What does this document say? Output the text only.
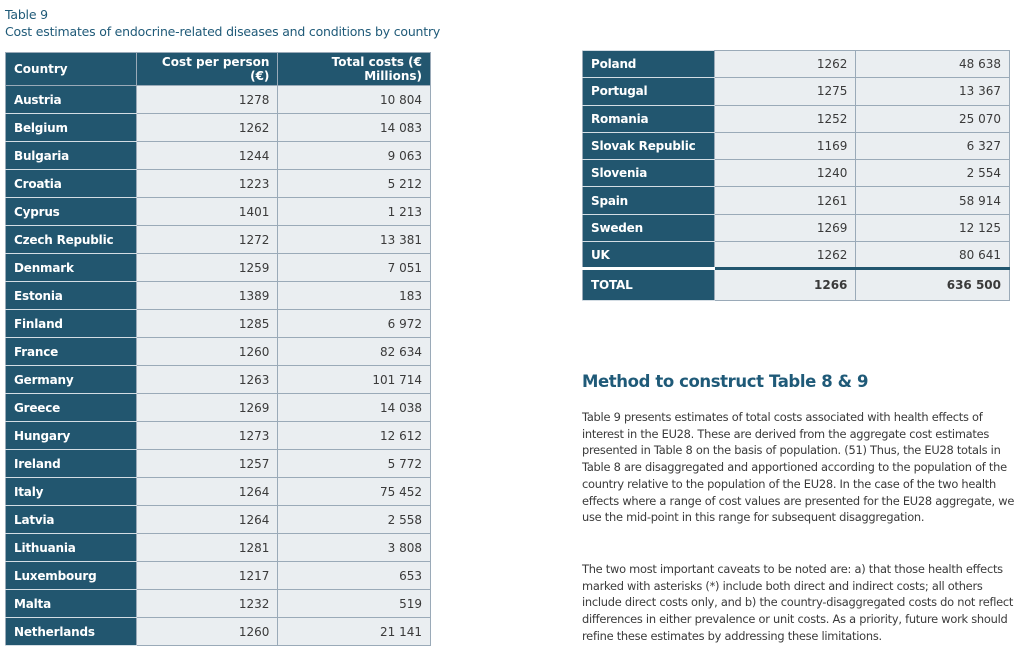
Table 9
Cost estimates of endocrine-related diseases and conditions by country
Country	Cost per person (€)	Total costs (€ Millions)
Austria	1278	10 804
Belgium	1262	14 083
Bulgaria	1244	9 063
Croatia	1223	5 212
Cyprus	1401	1 213
Czech Republic	1272	13 381
Denmark	1259	7 051
Estonia	1389	183
Finland	1285	6 972
France	1260	82 634
Germany	1263	101 714
Greece	1269	14 038
Hungary	1273	12 612
Ireland	1257	5 772
Italy	1264	75 452
Latvia	1264	2 558
Lithuania	1281	3 808
Luxembourg	1217	653
Malta	1232	519
Netherlands	1260	21 141
Poland	1262	48 638
Portugal	1275	13 367
Romania	1252	25 070
Slovak Republic	1169	6 327
Slovenia	1240	2 554
Spain	1261	58 914
Sweden	1269	12 125
UK	1262	80 641
TOTAL	1266	636 500
Method to construct Table 8 & 9

Table 9 presents estimates of total costs associated with health effects of interest in the EU28. These are derived from the aggregate cost estimates presented in Table 8 on the basis of population. (51) Thus, the EU28 totals in Table 8 are disaggregated and apportioned according to the population of the country relative to the population of the EU28. In the case of the two health effects where a range of cost values are presented for the EU28 aggregate, we use the mid-point in this range for subsequent disaggregation.

The two most important caveats to be noted are: a) that those health effects marked with asterisks (*) include both direct and indirect costs; all others include direct costs only, and b) the country-disaggregated costs do not reflect differences in either prevalence or unit costs. As a priority, future work should refine these estimates by addressing these limitations.
